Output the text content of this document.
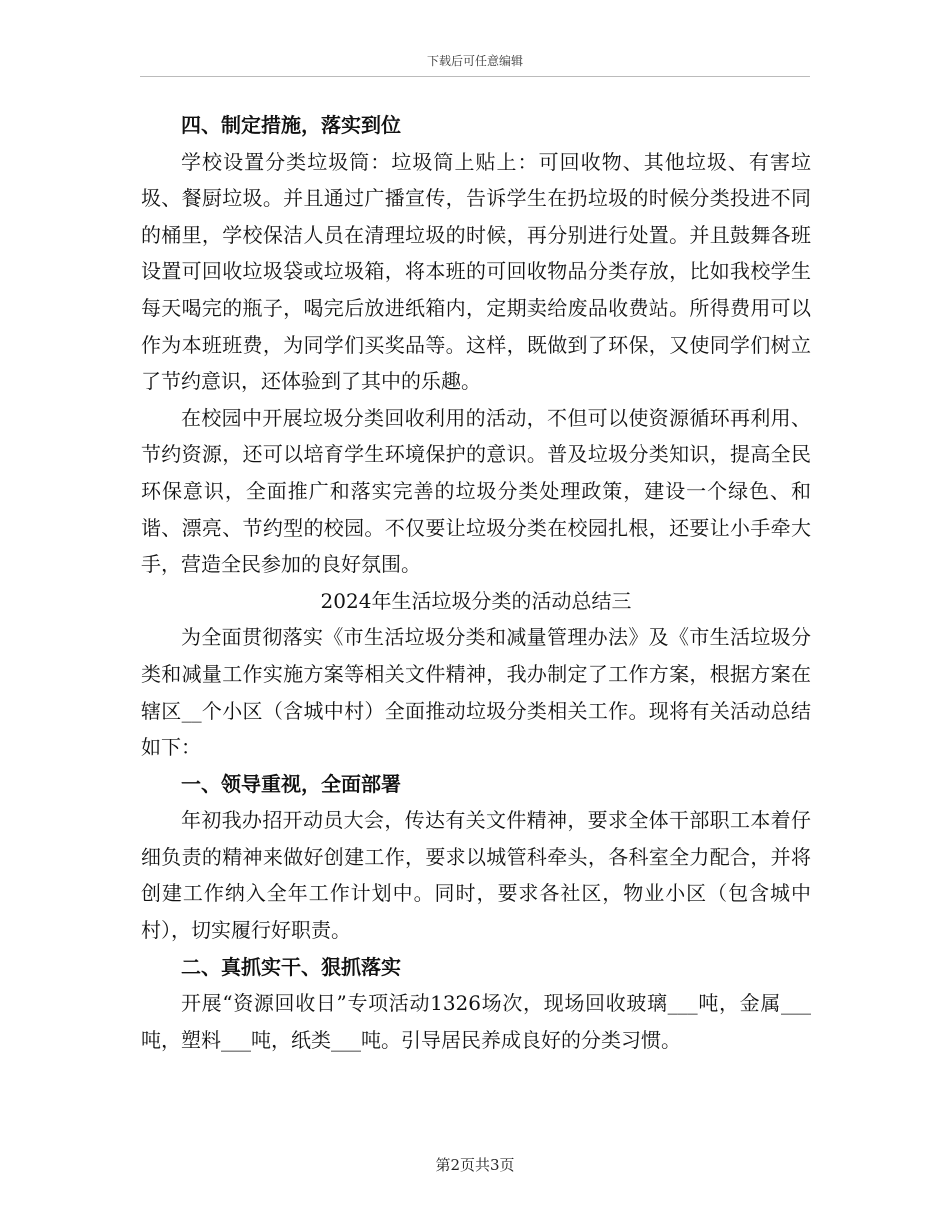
下载后可任意编辑
四、制定措施，落实到位

学校设置分类垃圾筒：垃圾筒上贴上：可回收物、其他垃圾、有害垃圾、餐厨垃圾。并且通过广播宣传，告诉学生在扔垃圾的时候分类投进不同的桶里，学校保洁人员在清理垃圾的时候，再分别进行处置。并且鼓舞各班设置可回收垃圾袋或垃圾箱，将本班的可回收物品分类存放，比如我校学生每天喝完的瓶子，喝完后放进纸箱内，定期卖给废品收费站。所得费用可以作为本班班费，为同学们买奖品等。这样，既做到了环保，又使同学们树立了节约意识，还体验到了其中的乐趣。

在校园中开展垃圾分类回收利用的活动，不但可以使资源循环再利用、节约资源，还可以培育学生环境保护的意识。普及垃圾分类知识，提高全民环保意识，全面推广和落实完善的垃圾分类处理政策，建设一个绿色、和谐、漂亮、节约型的校园。不仅要让垃圾分类在校园扎根，还要让小手牵大手，营造全民参加的良好氛围。

2024年生活垃圾分类的活动总结三

为全面贯彻落实《市生活垃圾分类和减量管理办法》及《市生活垃圾分类和减量工作实施方案等相关文件精神，我办制定了工作方案，根据方案在辖区__个小区（含城中村）全面推动垃圾分类相关工作。现将有关活动总结如下：

一、领导重视，全面部署

年初我办招开动员大会，传达有关文件精神，要求全体干部职工本着仔细负责的精神来做好创建工作，要求以城管科牵头，各科室全力配合，并将创建工作纳入全年工作计划中。同时，要求各社区，物业小区（包含城中村），切实履行好职责。

二、真抓实干、狠抓落实

开展“资源回收日”专项活动1326场次，现场回收玻璃___吨，金属___吨，塑料___吨，纸类___吨。引导居民养成良好的分类习惯。

第2页共3页
